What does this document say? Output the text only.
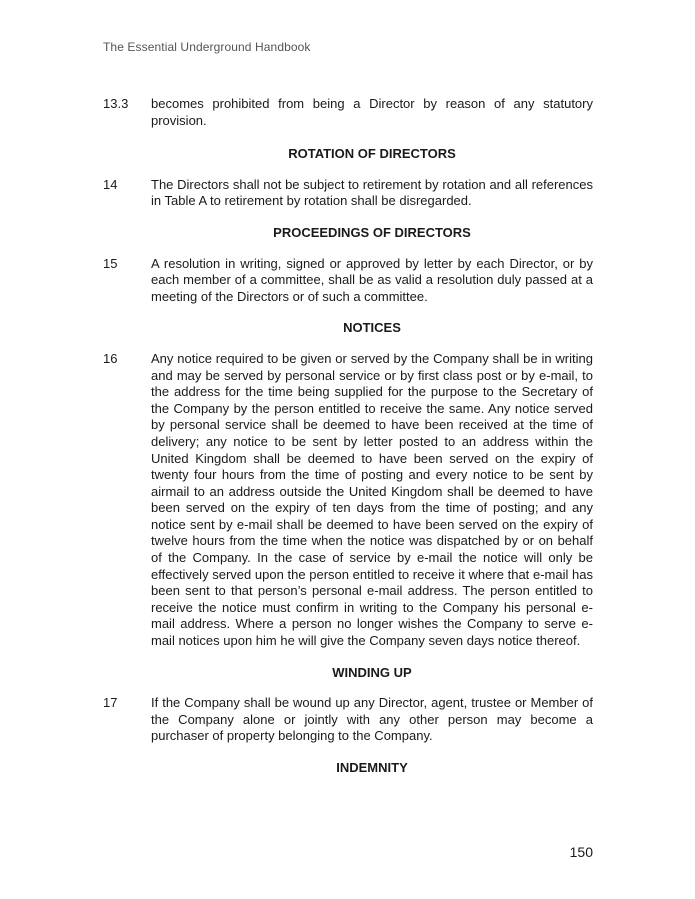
The Essential Underground Handbook
13.3	becomes prohibited from being a Director by reason of any statutory provision.
ROTATION OF DIRECTORS
14	The Directors shall not be subject to retirement by rotation and all references in Table A to retirement by rotation shall be disregarded.
PROCEEDINGS OF DIRECTORS
15	A resolution in writing, signed or approved by letter by each Director, or by each member of a committee, shall be as valid a resolution duly passed at a meeting of the Directors or of such a committee.
NOTICES
16	Any notice required to be given or served by the Company shall be in writing and may be served by personal service or by first class post or by e-mail, to the address for the time being supplied for the purpose to the Secretary of the Company by the person entitled to receive the same. Any notice served by personal service shall be deemed to have been received at the time of delivery; any notice to be sent by letter posted to an address within the United Kingdom shall be deemed to have been served on the expiry of twenty four hours from the time of posting and every notice to be sent by airmail to an address outside the United Kingdom shall be deemed to have been served on the expiry of ten days from the time of posting; and any notice sent by e-mail shall be deemed to have been served on the expiry of twelve hours from the time when the notice was dispatched by or on behalf of the Company. In the case of service by e-mail the notice will only be effectively served upon the person entitled to receive it where that e-mail has been sent to that person’s personal e-mail address. The person entitled to receive the notice must confirm in writing to the Company his personal e-mail address. Where a person no longer wishes the Company to serve e-mail notices upon him he will give the Company seven days notice thereof.
WINDING UP
17	If the Company shall be wound up any Director, agent, trustee or Member of the Company alone or jointly with any other person may become a purchaser of property belonging to the Company.
INDEMNITY
150
